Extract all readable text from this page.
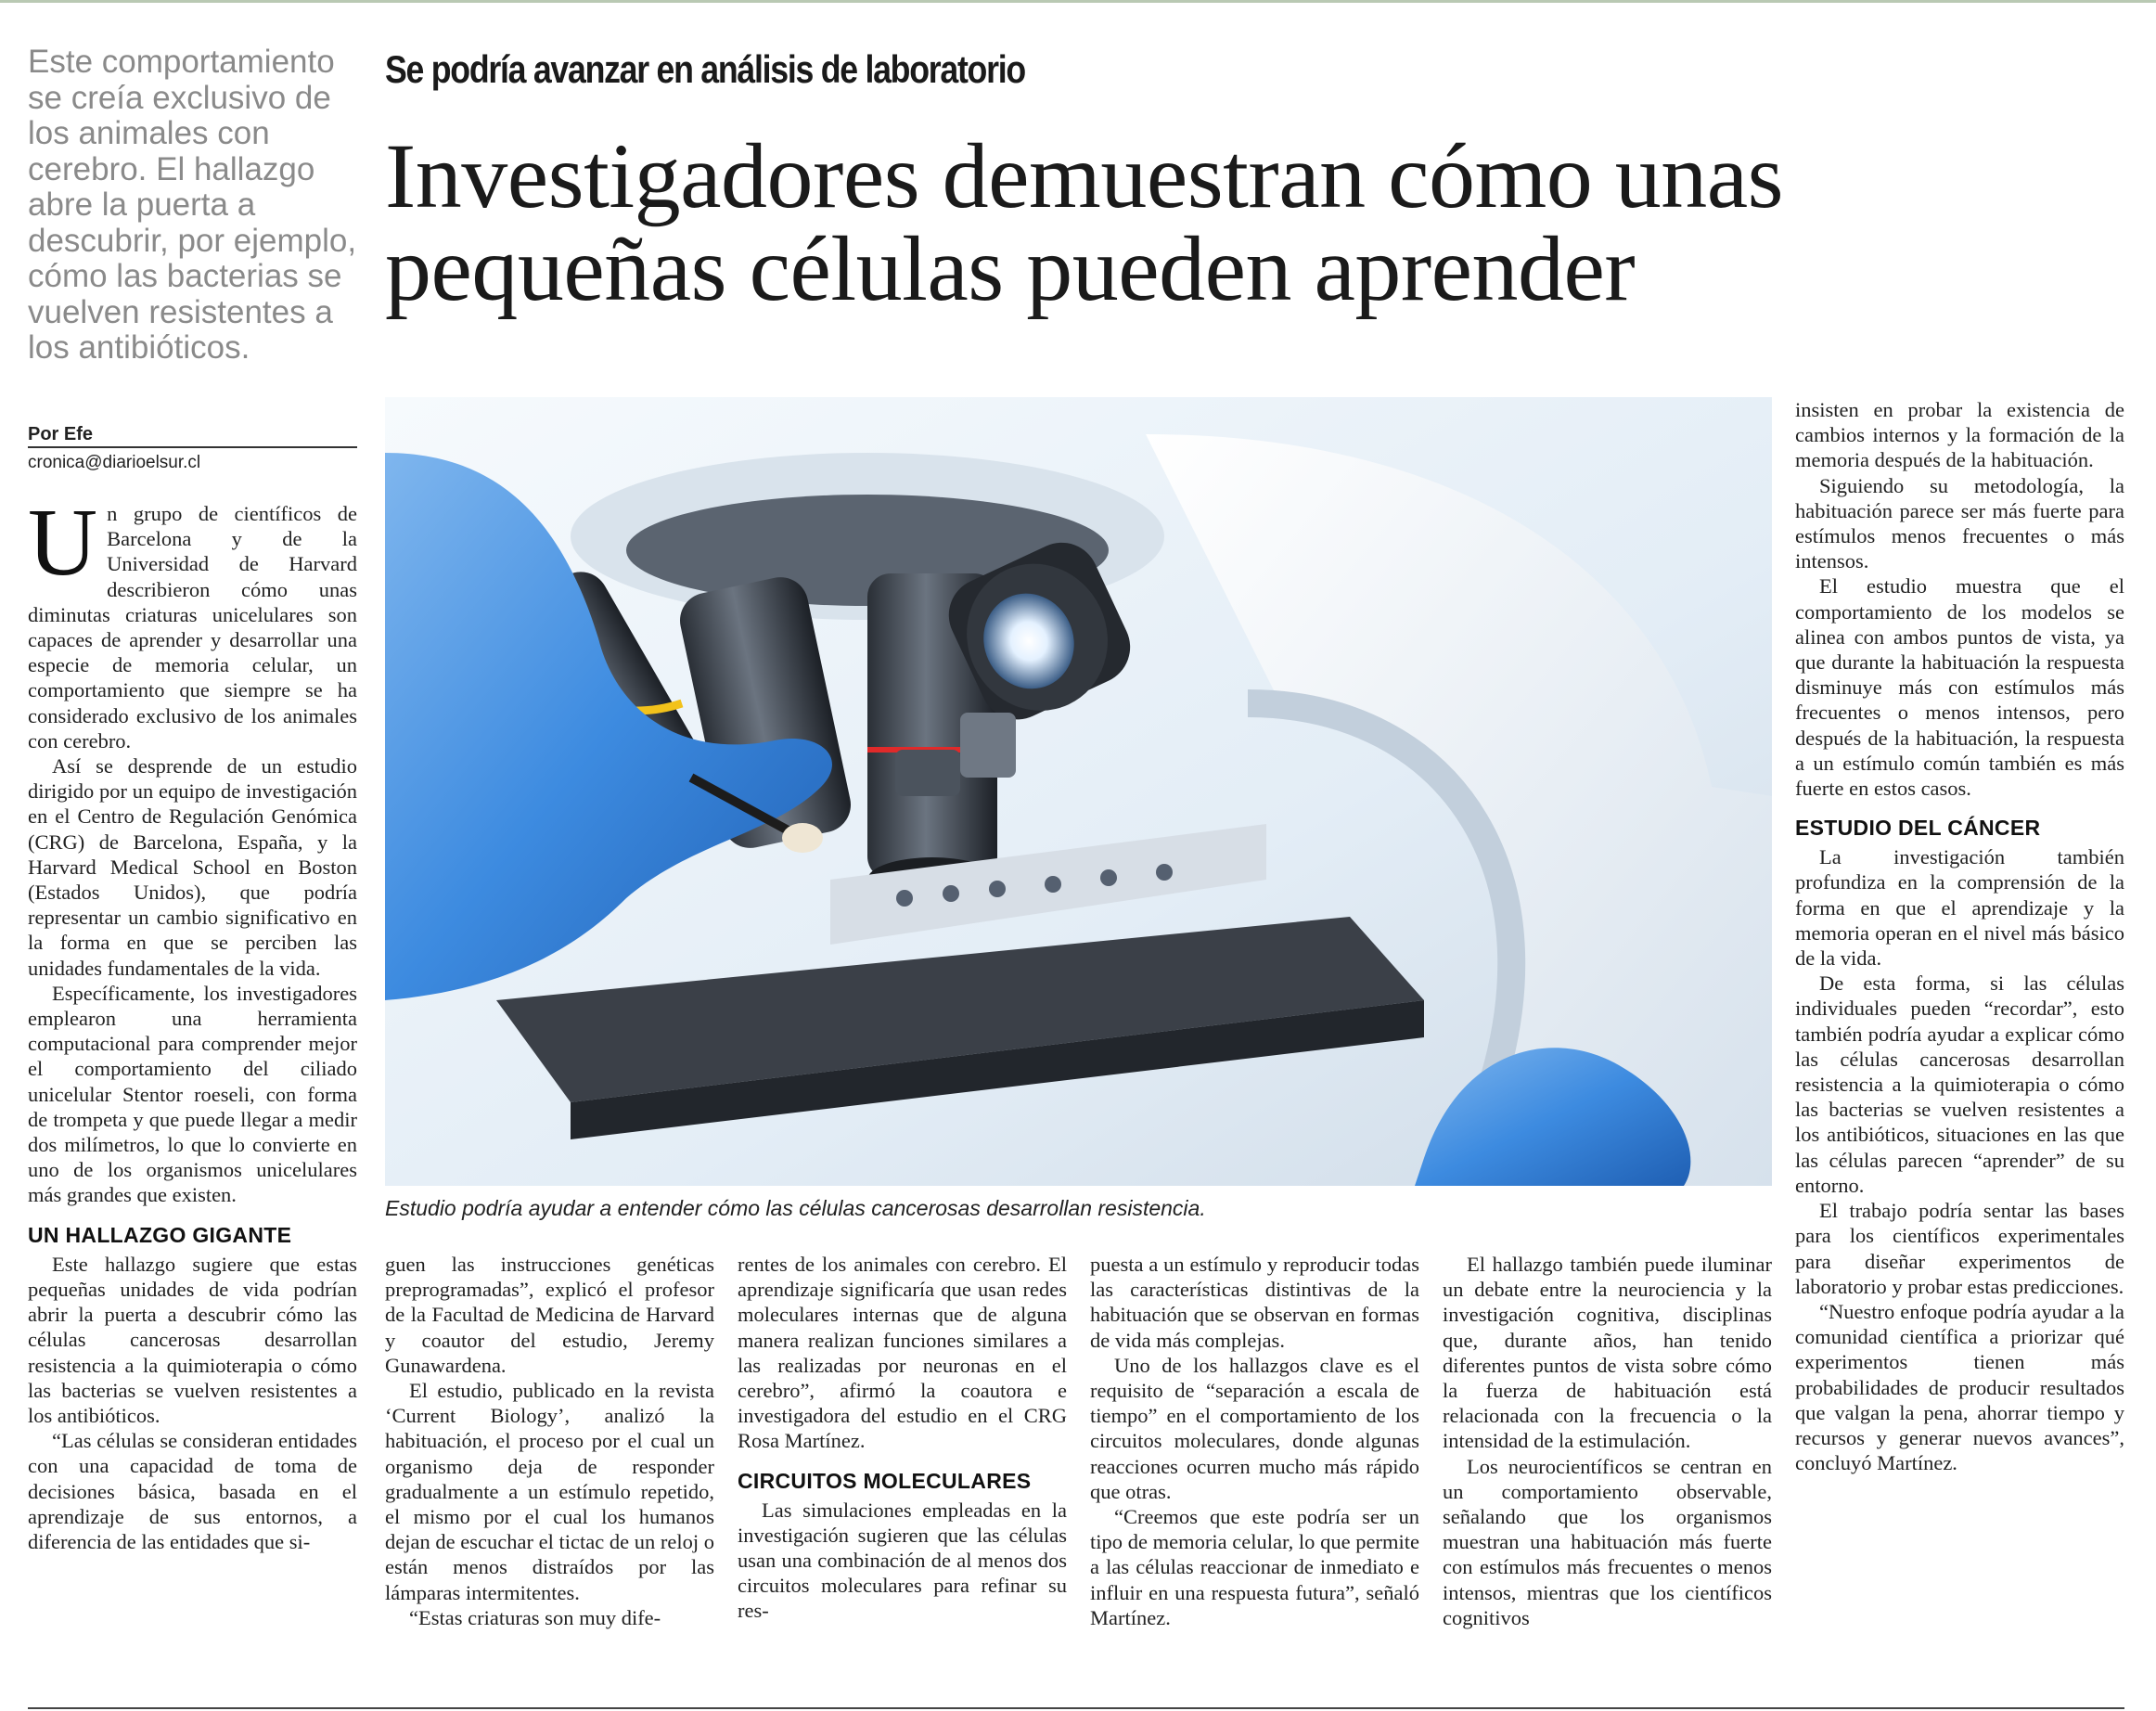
Este comportamiento se creía exclusivo de los animales con cerebro. El hallazgo abre la puerta a descubrir, por ejemplo, cómo las bacterias se vuelven resistentes a los antibióticos.

Se podría avanzar en análisis de laboratorio
Investigadores demuestran cómo unas
pequeñas células pueden aprender
Por Efe
cronica@diarioelsur.cl

Estudio podría ayudar a entender cómo las células cancerosas desarrollan resistencia.

Un grupo de científicos de Barcelona y de la Universidad de Harvard describieron cómo unas diminutas criaturas unicelulares son capaces de aprender y desarrollar una especie de memoria celular, un comportamiento que siempre se ha considerado exclusivo de los animales con cerebro.

Así se desprende de un estudio dirigido por un equipo de investigación en el Centro de Regulación Genómica (CRG) de Barcelona, España, y la Harvard Medical School en Boston (Estados Unidos), que podría representar un cambio significativo en la forma en que se perciben las unidades fundamentales de la vida.

Específicamente, los investigadores emplearon una herramienta computacional para comprender mejor el comportamiento del ciliado unicelular Stentor roeseli, con forma de trompeta y que puede llegar a medir dos milímetros, lo que lo convierte en uno de los organismos unicelulares más grandes que existen.

UN HALLAZGO GIGANTE

Este hallazgo sugiere que estas pequeñas unidades de vida podrían abrir la puerta a descubrir cómo las células cancerosas desarrollan resistencia a la quimioterapia o cómo las bacterias se vuelven resistentes a los antibióticos.

“Las células se consideran entidades con una capacidad de toma de decisiones básica, basada en el aprendizaje de sus entornos, a diferencia de las entidades que si-

guen las instrucciones genéticas preprogramadas”, explicó el profesor de la Facultad de Medicina de Harvard y coautor del estudio, Jeremy Gunawardena.

El estudio, publicado en la revista ‘Current Biology’, analizó la habituación, el proceso por el cual un organismo deja de responder gradualmente a un estímulo repetido, el mismo por el cual los humanos dejan de escuchar el tictac de un reloj o están menos distraídos por las lámparas intermitentes.

“Estas criaturas son muy dife-

rentes de los animales con cerebro. El aprendizaje significaría que usan redes moleculares internas que de alguna manera realizan funciones similares a las realizadas por neuronas en el cerebro”, afirmó la coautora e investigadora del estudio en el CRG Rosa Martínez.

CIRCUITOS MOLECULARES

Las simulaciones empleadas en la investigación sugieren que las células usan una combinación de al menos dos circuitos moleculares para refinar su res-

puesta a un estímulo y reproducir todas las características distintivas de la habituación que se observan en formas de vida más complejas.

Uno de los hallazgos clave es el requisito de “separación a escala de tiempo” en el comportamiento de los circuitos moleculares, donde algunas reacciones ocurren mucho más rápido que otras.

“Creemos que este podría ser un tipo de memoria celular, lo que permite a las células reaccionar de inmediato e influir en una respuesta futura”, señaló Martínez.

El hallazgo también puede iluminar un debate entre la neurociencia y la investigación cognitiva, disciplinas que, durante años, han tenido diferentes puntos de vista sobre cómo la fuerza de habituación está relacionada con la frecuencia o la intensidad de la estimulación.

Los neurocientíficos se centran en un comportamiento observable, señalando que los organismos muestran una habituación más fuerte con estímulos más frecuentes o menos intensos, mientras que los científicos cognitivos

insisten en probar la existencia de cambios internos y la formación de la memoria después de la habituación.

Siguiendo su metodología, la habituación parece ser más fuerte para estímulos menos frecuentes o más intensos.

El estudio muestra que el comportamiento de los modelos se alinea con ambos puntos de vista, ya que durante la habituación la respuesta disminuye más con estímulos más frecuentes o menos intensos, pero después de la habituación, la respuesta a un estímulo común también es más fuerte en estos casos.

ESTUDIO DEL CÁNCER

La investigación también profundiza en la comprensión de la forma en que el aprendizaje y la memoria operan en el nivel más básico de la vida.

De esta forma, si las células individuales pueden “recordar”, esto también podría ayudar a explicar cómo las células cancerosas desarrollan resistencia a la quimioterapia o cómo las bacterias se vuelven resistentes a los antibióticos, situaciones en las que las células parecen “aprender” de su entorno.

El trabajo podría sentar las bases para los científicos experimentales para diseñar experimentos de laboratorio y probar estas predicciones.

“Nuestro enfoque podría ayudar a la comunidad científica a priorizar qué experimentos tienen más probabilidades de producir resultados que valgan la pena, ahorrar tiempo y recursos y generar nuevos avances”, concluyó Martínez.
